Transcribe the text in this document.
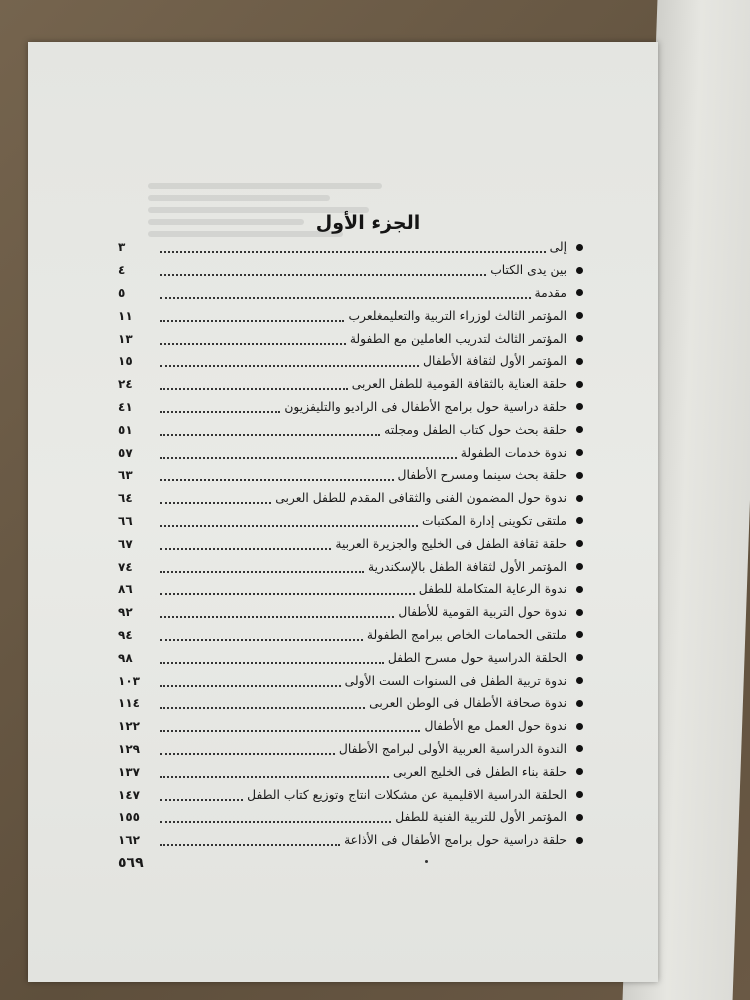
الجزء الأول
٣	إلى
٤	بين يدى الكتاب
٥	مقدمة
١١	المؤتمر الثالث لوزراء التربية والتعليمغلعرب
١٣	المؤتمر الثالث لتدريب العاملين مع الطفولة
١٥	المؤتمر الأول لثقافة الأطفال
٢٤	حلقة العناية بالثقافة القومية للطفل العربى
٤١	حلقة دراسية حول برامج الأطفال فى الراديو والتليفزيون
٥١	حلقة بحث حول كتاب الطفل ومجلته
٥٧	ندوة خدمات الطفولة
٦٣	حلقة بحث سينما ومسرح الأطفال
٦٤	ندوة حول المضمون الفنى والثقافى المقدم للطفل العربى
٦٦	ملتقى تكوينى إدارة المكتبات
٦٧	حلقة ثقافة الطفل فى الخليج والجزيرة العربية
٧٤	المؤتمر الأول لثقافة الطفل بالإسكندرية
٨٦	ندوة الرعاية المتكاملة للطفل
٩٢	ندوة حول التربية القومية للأطفال
٩٤	ملتقى الحمامات الخاص ببرامج الطفولة
٩٨	الحلقة الدراسية حول مسرح الطفل
١٠٣	ندوة تربية الطفل فى السنوات الست الأولى
١١٤	ندوة صحافة الأطفال فى الوطن العربى
١٢٢	ندوة حول العمل مع الأطفال
١٢٩	الندوة الدراسية العربية الأولى لبرامج الأطفال
١٣٧	حلقة بناء الطفل فى الخليج العربى
١٤٧	الحلقة الدراسية الاقليمية عن مشكلات انتاج وتوزيع كتاب الطفل
١٥٥	المؤتمر الأول للتربية الفنية للطفل
١٦٢	حلقة دراسية حول برامج الأطفال فى الأذاعة
٥٦٩
